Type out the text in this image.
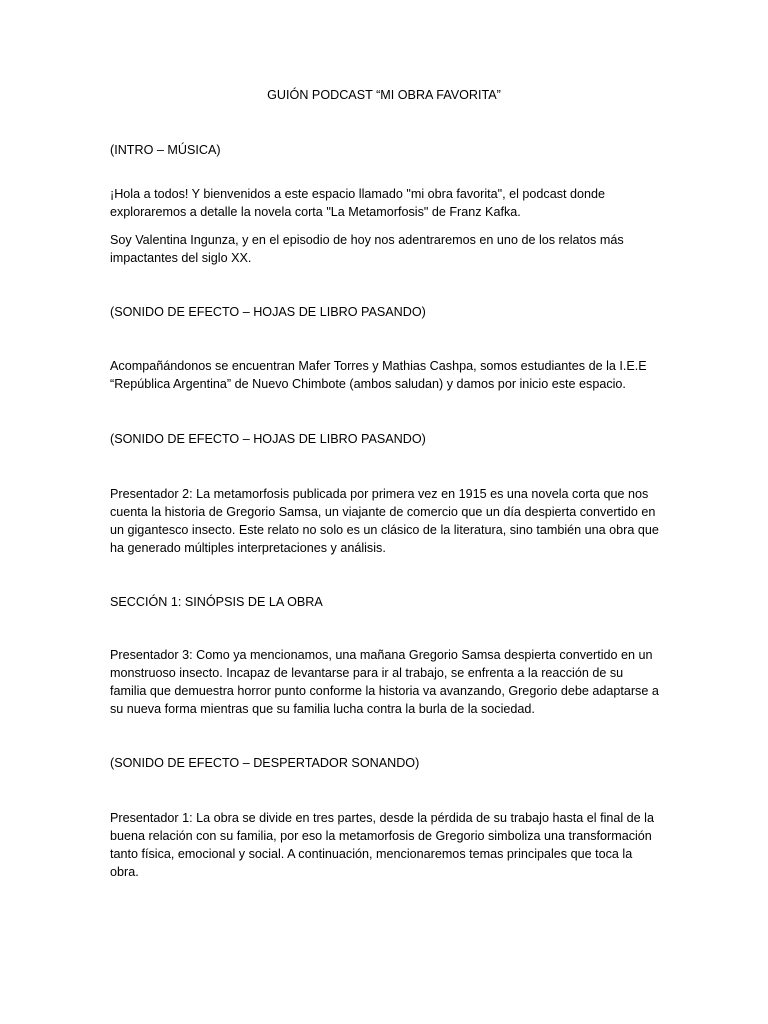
GUIÓN PODCAST “MI OBRA FAVORITA”

(INTRO – MÚSICA)

¡Hola a todos! Y bienvenidos a este espacio llamado "mi obra favorita", el podcast donde exploraremos a detalle la novela corta "La Metamorfosis" de Franz Kafka.

Soy Valentina Ingunza, y en el episodio de hoy nos adentraremos en uno de los relatos más impactantes del siglo XX.

(SONIDO DE EFECTO – HOJAS DE LIBRO PASANDO)

Acompañándonos se encuentran Mafer Torres y Mathias Cashpa, somos estudiantes de la I.E.E “República Argentina” de Nuevo Chimbote (ambos saludan) y damos por inicio este espacio.

(SONIDO DE EFECTO – HOJAS DE LIBRO PASANDO)

Presentador 2: La metamorfosis publicada por primera vez en 1915 es una novela corta que nos cuenta la historia de Gregorio Samsa, un viajante de comercio que un día despierta convertido en un gigantesco insecto. Este relato no solo es un clásico de la literatura, sino también una obra que ha generado múltiples interpretaciones y análisis.

SECCIÓN 1: SINÓPSIS DE LA OBRA

Presentador 3: Como ya mencionamos, una mañana Gregorio Samsa despierta convertido en un monstruoso insecto. Incapaz de levantarse para ir al trabajo, se enfrenta a la reacción de su familia que demuestra horror punto conforme la historia va avanzando, Gregorio debe adaptarse a su nueva forma mientras que su familia lucha contra la burla de la sociedad.

(SONIDO DE EFECTO – DESPERTADOR SONANDO)

Presentador 1: La obra se divide en tres partes, desde la pérdida de su trabajo hasta el final de la buena relación con su familia, por eso la metamorfosis de Gregorio simboliza una transformación tanto física, emocional y social. A continuación, mencionaremos temas principales que toca la obra.
